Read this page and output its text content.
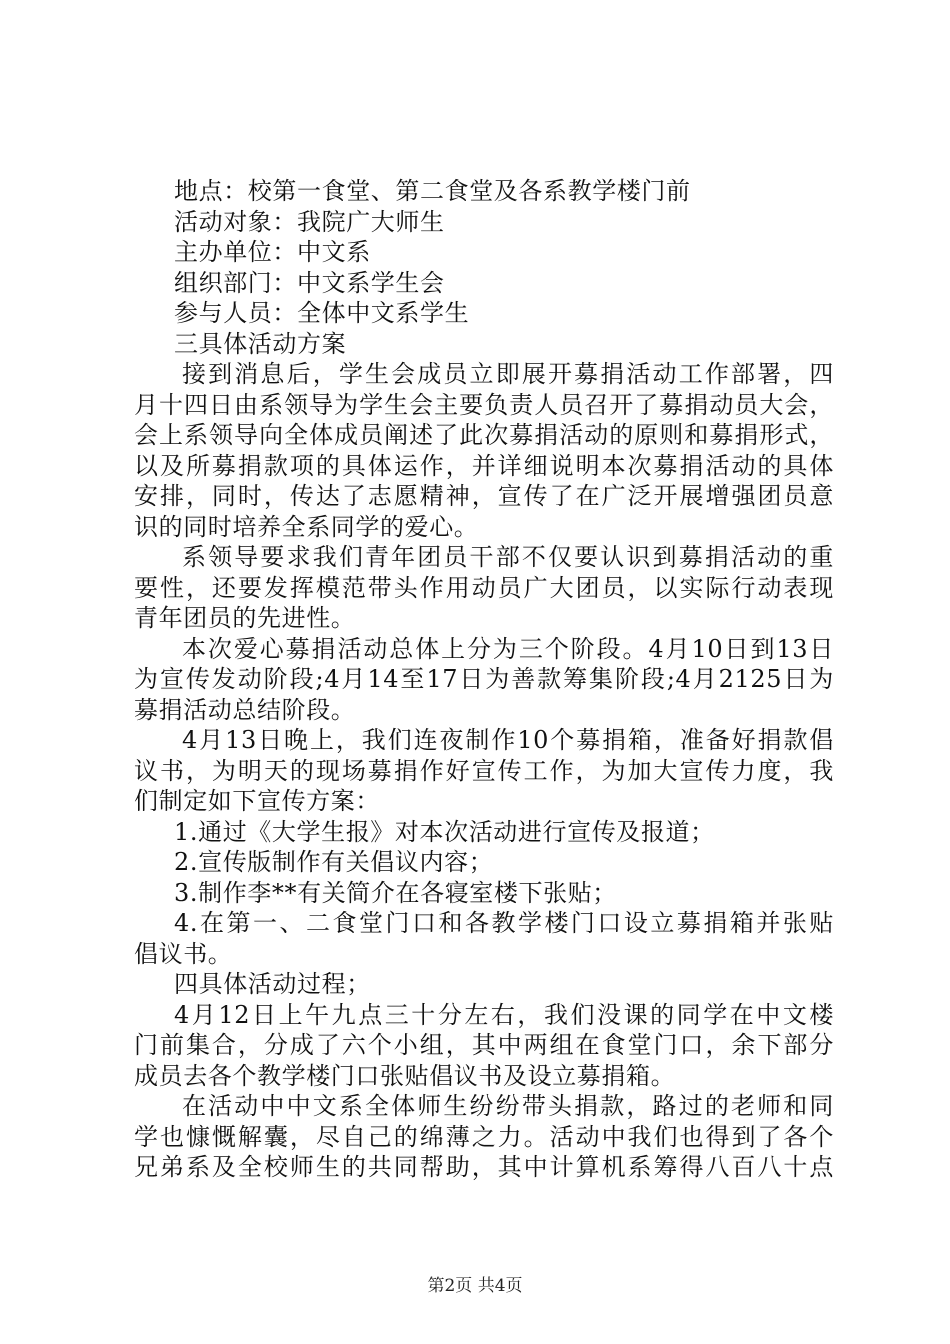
地点：校第一食堂、第二食堂及各系教学楼门前
活动对象：我院广大师生
主办单位：中文系
组织部门：中文系学生会
参与人员：全体中文系学生
三具体活动方案
接到消息后，学生会成员立即展开募捐活动工作部署，四
月十四日由系领导为学生会主要负责人员召开了募捐动员大会，
会上系领导向全体成员阐述了此次募捐活动的原则和募捐形式，
以及所募捐款项的具体运作，并详细说明本次募捐活动的具体
安排，同时，传达了志愿精神，宣传了在广泛开展增强团员意
识的同时培养全系同学的爱心。
系领导要求我们青年团员干部不仅要认识到募捐活动的重
要性，还要发挥模范带头作用动员广大团员，以实际行动表现
青年团员的先进性。
本次爱心募捐活动总体上分为三个阶段。4月10日到13日
为宣传发动阶段;4月14至17日为善款筹集阶段;4月2125日为
募捐活动总结阶段。
4月13日晚上，我们连夜制作10个募捐箱，准备好捐款倡
议书，为明天的现场募捐作好宣传工作，为加大宣传力度，我
们制定如下宣传方案：
1.通过《大学生报》对本次活动进行宣传及报道；
2.宣传版制作有关倡议内容；
3.制作李**有关简介在各寝室楼下张贴；
4.在第一、二食堂门口和各教学楼门口设立募捐箱并张贴
倡议书。
四具体活动过程；
4月12日上午九点三十分左右，我们没课的同学在中文楼
门前集合，分成了六个小组，其中两组在食堂门口，余下部分
成员去各个教学楼门口张贴倡议书及设立募捐箱。
在活动中中文系全体师生纷纷带头捐款，路过的老师和同
学也慷慨解囊，尽自己的绵薄之力。活动中我们也得到了各个
兄弟系及全校师生的共同帮助，其中计算机系筹得八百八十点
第2页 共4页
